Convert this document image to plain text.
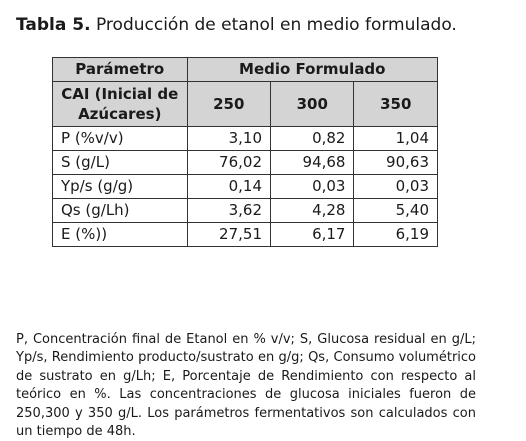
Tabla 5. Producción de etanol en medio formulado.
Parámetro	Medio Formulado		
CAI (Inicial de Azúcares)	250	300	350
P (%v/v)	3,10	0,82	1,04
S (g/L)	76,02	94,68	90,63
Yp/s (g/g)	0,14	0,03	0,03
Qs (g/Lh)	3,62	4,28	5,40
E (%))	27,51	6,17	6,19

P, Concentración final de Etanol en % v/v; S, Glucosa residual en g/L; Yp/s, Rendimiento producto/sustrato en g/g; Qs, Consumo volumétrico de sustrato en g/Lh; E, Porcentaje de Rendimiento con respecto al teórico en %. Las concentraciones de glucosa iniciales fueron de 250,300 y 350 g/L. Los parámetros fermentativos son calculados con un tiempo de 48h.
